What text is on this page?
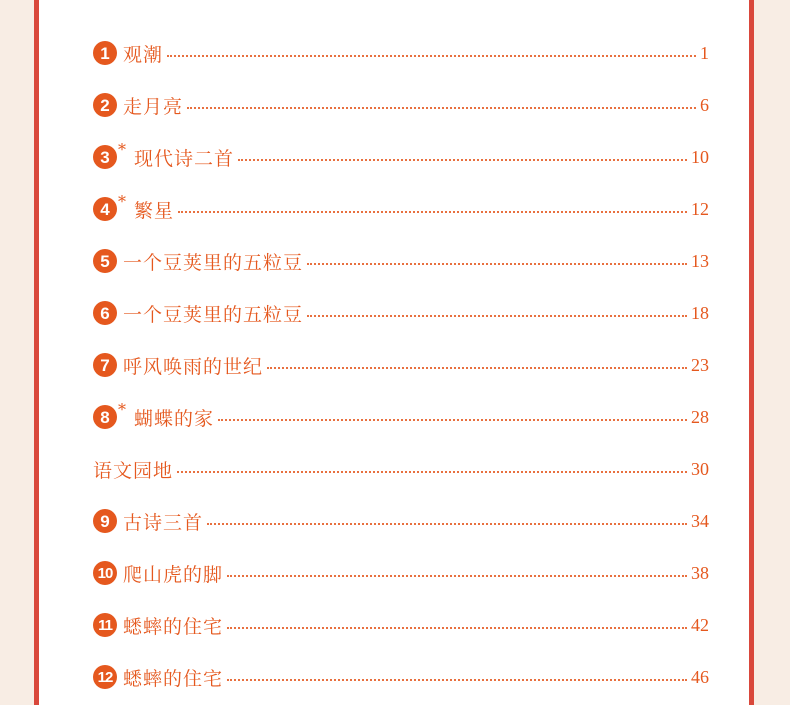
1 观潮	1
2 走月亮	6
3 * 现代诗二首	10
4 * 繁星	12
5 一个豆荚里的五粒豆	13
6 一个豆荚里的五粒豆	18
7 呼风唤雨的世纪	23
8 * 蝴蝶的家	28
语文园地	30
9 古诗三首	34
10 爬山虎的脚	38
11 蟋蟀的住宅	42
12 蟋蟀的住宅	46
